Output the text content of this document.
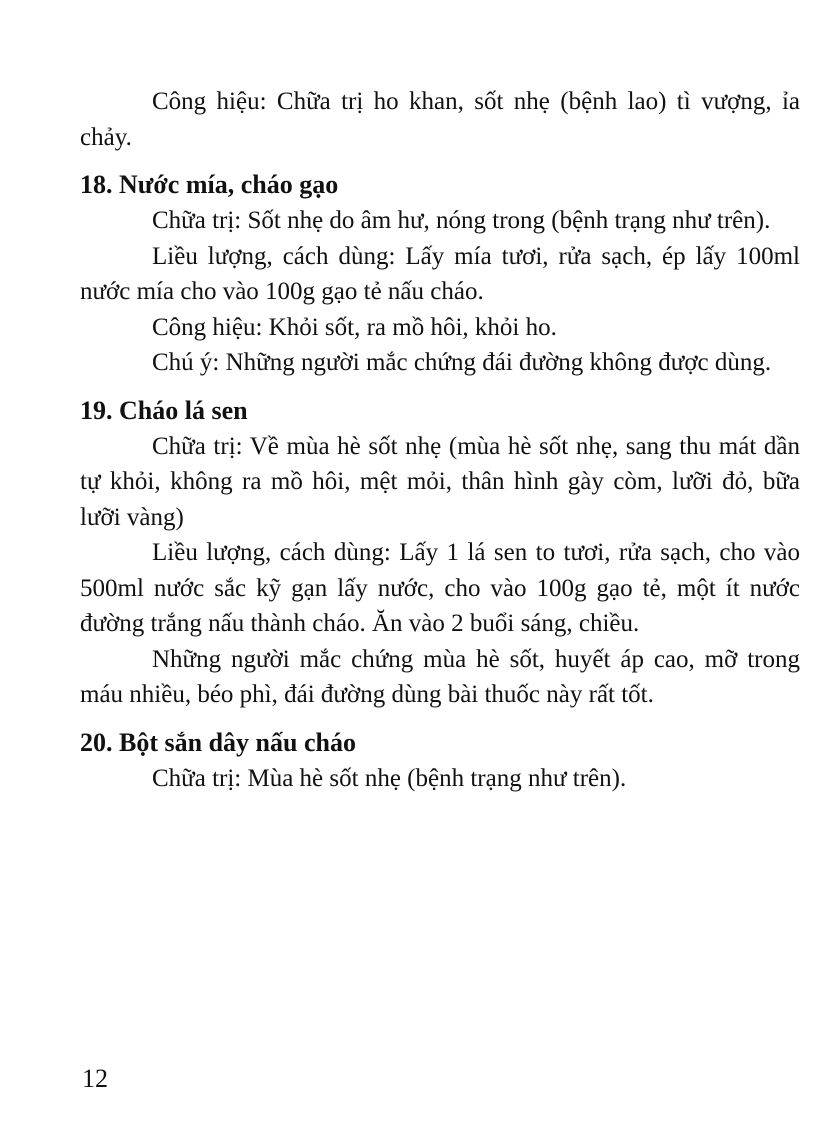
Công hiệu: Chữa trị ho khan, sốt nhẹ (bệnh lao) tì vượng, ỉa chảy.

18. Nước mía, cháo gạo

Chữa trị: Sốt nhẹ do âm hư, nóng trong (bệnh trạng như trên).

Liều lượng, cách dùng: Lấy mía tươi, rửa sạch, ép lấy 100ml nước mía cho vào 100g gạo tẻ nấu cháo.

Công hiệu: Khỏi sốt, ra mồ hôi, khỏi ho.

Chú ý: Những người mắc chứng đái đường không được dùng.

19. Cháo lá sen

Chữa trị: Về mùa hè sốt nhẹ (mùa hè sốt nhẹ, sang thu mát dần tự khỏi, không ra mồ hôi, mệt mỏi, thân hình gày còm, lưỡi đỏ, bữa lưỡi vàng)

Liều lượng, cách dùng: Lấy 1 lá sen to tươi, rửa sạch, cho vào 500ml nước sắc kỹ gạn lấy nước, cho vào 100g gạo tẻ, một ít nước đường trắng nấu thành cháo. Ăn vào 2 buổi sáng, chiều.

Những người mắc chứng mùa hè sốt, huyết áp cao, mỡ trong máu nhiều, béo phì, đái đường dùng bài thuốc này rất tốt.

20. Bột sắn dây nấu cháo

Chữa trị: Mùa hè sốt nhẹ (bệnh trạng như trên).

12
